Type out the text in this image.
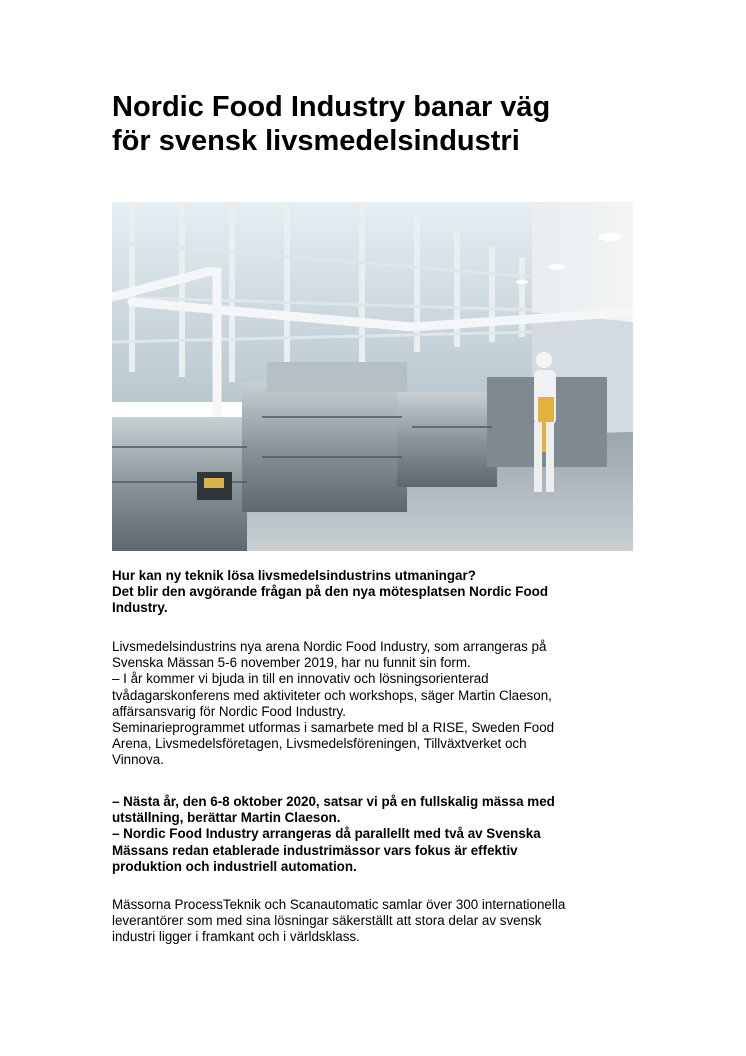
Nordic Food Industry banar väg
för svensk livsmedelsindustri

Hur kan ny teknik lösa livsmedelsindustrins utmaningar?
Det blir den avgörande frågan på den nya mötesplatsen Nordic Food
Industry.

Livsmedelsindustrins nya arena Nordic Food Industry, som arrangeras på
Svenska Mässan 5-6 november 2019, har nu funnit sin form.
– I år kommer vi bjuda in till en innovativ och lösningsorienterad
tvådagarskonferens med aktiviteter och workshops, säger Martin Claeson,
affärsansvarig för Nordic Food Industry.
Seminarieprogrammet utformas i samarbete med bl a RISE, Sweden Food
Arena, Livsmedelsföretagen, Livsmedelsföreningen, Tillväxtverket och
Vinnova.

– Nästa år, den 6-8 oktober 2020, satsar vi på en fullskalig mässa med
utställning, berättar Martin Claeson.
– Nordic Food Industry arrangeras då parallellt med två av Svenska
Mässans redan etablerade industrimässor vars fokus är effektiv
produktion och industriell automation.

Mässorna ProcessTeknik och Scanautomatic samlar över 300 internationella
leverantörer som med sina lösningar säkerställt att stora delar av svensk
industri ligger i framkant och i världsklass.
